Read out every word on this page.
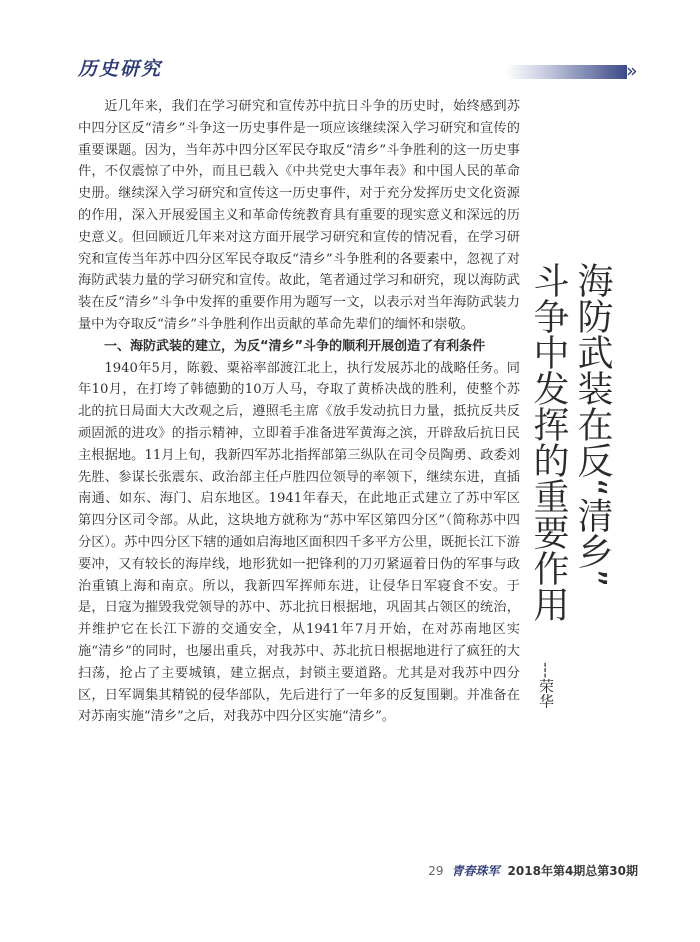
历史研究	»

近几年来，我们在学习研究和宣传苏中抗日斗争的历史时，始终感到苏中四分区反“清乡”斗争这一历史事件是一项应该继续深入学习研究和宣传的重要课题。因为，当年苏中四分区军民夺取反“清乡”斗争胜利的这一历史事件，不仅震惊了中外，而且已载入《中共党史大事年表》和中国人民的革命史册。继续深入学习研究和宣传这一历史事件，对于充分发挥历史文化资源的作用，深入开展爱国主义和革命传统教育具有重要的现实意义和深远的历史意义。但回顾近几年来对这方面开展学习研究和宣传的情况看，在学习研究和宣传当年苏中四分区军民夺取反“清乡”斗争胜利的各要素中，忽视了对海防武装力量的学习研究和宣传。故此，笔者通过学习和研究，现以海防武装在反“清乡”斗争中发挥的重要作用为题写一文，以表示对当年海防武装力量中为夺取反“清乡”斗争胜利作出贡献的革命先辈们的缅怀和崇敬。

一、海防武装的建立，为反“清乡”斗争的顺利开展创造了有利条件

1940年5月，陈毅、粟裕率部渡江北上，执行发展苏北的战略任务。同年10月，在打垮了韩德勤的10万人马，夺取了黄桥决战的胜利，使整个苏北的抗日局面大大改观之后，遵照毛主席《放手发动抗日力量，抵抗反共反顽固派的进攻》的指示精神，立即着手准备进军黄海之滨，开辟敌后抗日民主根据地。11月上旬，我新四军苏北指挥部第三纵队在司令员陶勇、政委刘先胜、参谋长张震东、政治部主任卢胜四位领导的率领下，继续东进，直插南通、如东、海门、启东地区。1941年春天，在此地正式建立了苏中军区第四分区司令部。从此，这块地方就称为“苏中军区第四分区”（简称苏中四分区）。苏中四分区下辖的通如启海地区面积四千多平方公里，既扼长江下游要冲，又有较长的海岸线，地形犹如一把锋利的刀刃紧逼着日伪的军事与政治重镇上海和南京。所以，我新四军挥师东进，让侵华日军寝食不安。于是，日寇为摧毁我党领导的苏中、苏北抗日根据地，巩固其占领区的统治，并维护它在长江下游的交通安全，从1941年7月开始，在对苏南地区实施“清乡”的同时，也屡出重兵，对我苏中、苏北抗日根据地进行了疯狂的大扫荡，抢占了主要城镇，建立据点，封锁主要道路。尤其是对我苏中四分区，日军调集其精锐的侵华部队，先后进行了一年多的反复围剿。并准备在对苏南实施“清乡”之后，对我苏中四分区实施“清乡”。

海防武装在反“清乡”
斗争中发挥的重要作用
---荣华
29 青春珠军 2018年第4期总第30期
